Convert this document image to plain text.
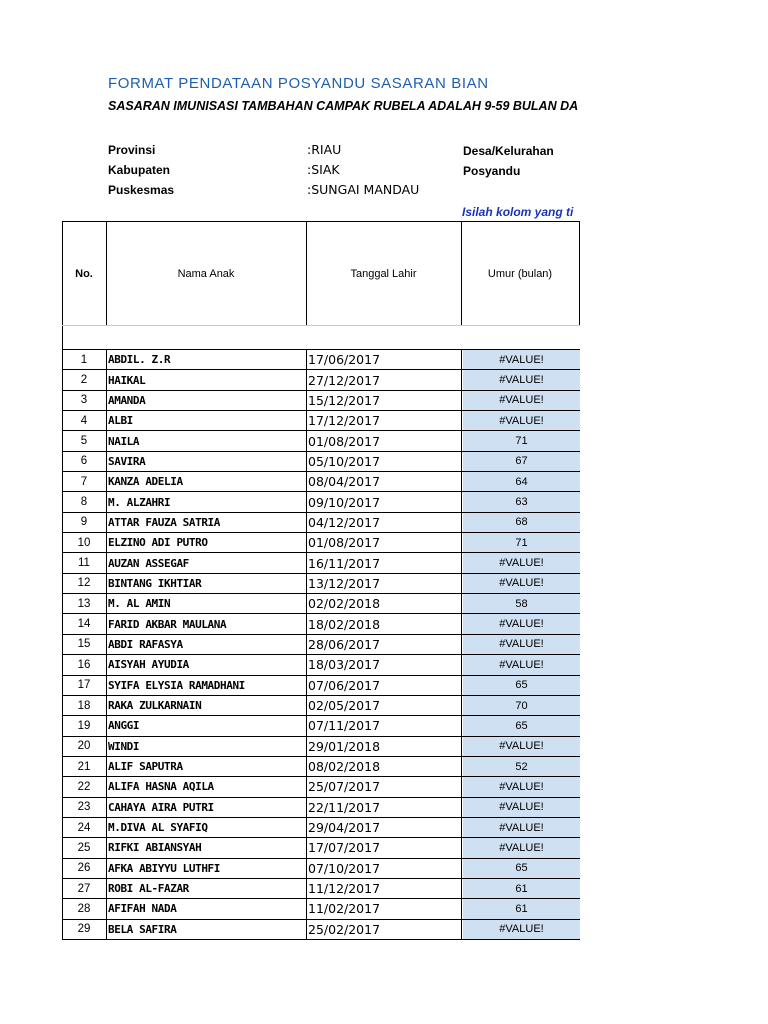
FORMAT PENDATAAN POSYANDU SASARAN BIAN
SASARAN IMUNISASI TAMBAHAN CAMPAK RUBELA ADALAH 9-59 BULAN DA
Provinsi	:RIAU
Kabupaten	:SIAK
Puskesmas	:SUNGAI MANDAU
Desa/Kelurahan
Posyandu
Isilah kolom yang ti
No.	Nama Anak	Tanggal Lahir	Umur (bulan)
1	ABDIL. Z.R	17/06/2017	#VALUE!
2	HAIKAL	27/12/2017	#VALUE!
3	AMANDA	15/12/2017	#VALUE!
4	ALBI	17/12/2017	#VALUE!
5	NAILA	01/08/2017	71
6	SAVIRA	05/10/2017	67
7	KANZA ADELIA	08/04/2017	64
8	M. ALZAHRI	09/10/2017	63
9	ATTAR FAUZA SATRIA	04/12/2017	68
10	ELZINO ADI PUTRO	01/08/2017	71
11	AUZAN ASSEGAF	16/11/2017	#VALUE!
12	BINTANG IKHTIAR	13/12/2017	#VALUE!
13	M. AL AMIN	02/02/2018	58
14	FARID AKBAR MAULANA	18/02/2018	#VALUE!
15	ABDI RAFASYA	28/06/2017	#VALUE!
16	AISYAH AYUDIA	18/03/2017	#VALUE!
17	SYIFA ELYSIA RAMADHANI	07/06/2017	65
18	RAKA ZULKARNAIN	02/05/2017	70
19	ANGGI	07/11/2017	65
20	WINDI	29/01/2018	#VALUE!
21	ALIF SAPUTRA	08/02/2018	52
22	ALIFA HASNA AQILA	25/07/2017	#VALUE!
23	CAHAYA AIRA PUTRI	22/11/2017	#VALUE!
24	M.DIVA AL SYAFIQ	29/04/2017	#VALUE!
25	RIFKI ABIANSYAH	17/07/2017	#VALUE!
26	AFKA ABIYYU LUTHFI	07/10/2017	65
27	ROBI AL-FAZAR	11/12/2017	61
28	AFIFAH NADA	11/02/2017	61
29	BELA SAFIRA	25/02/2017	#VALUE!
